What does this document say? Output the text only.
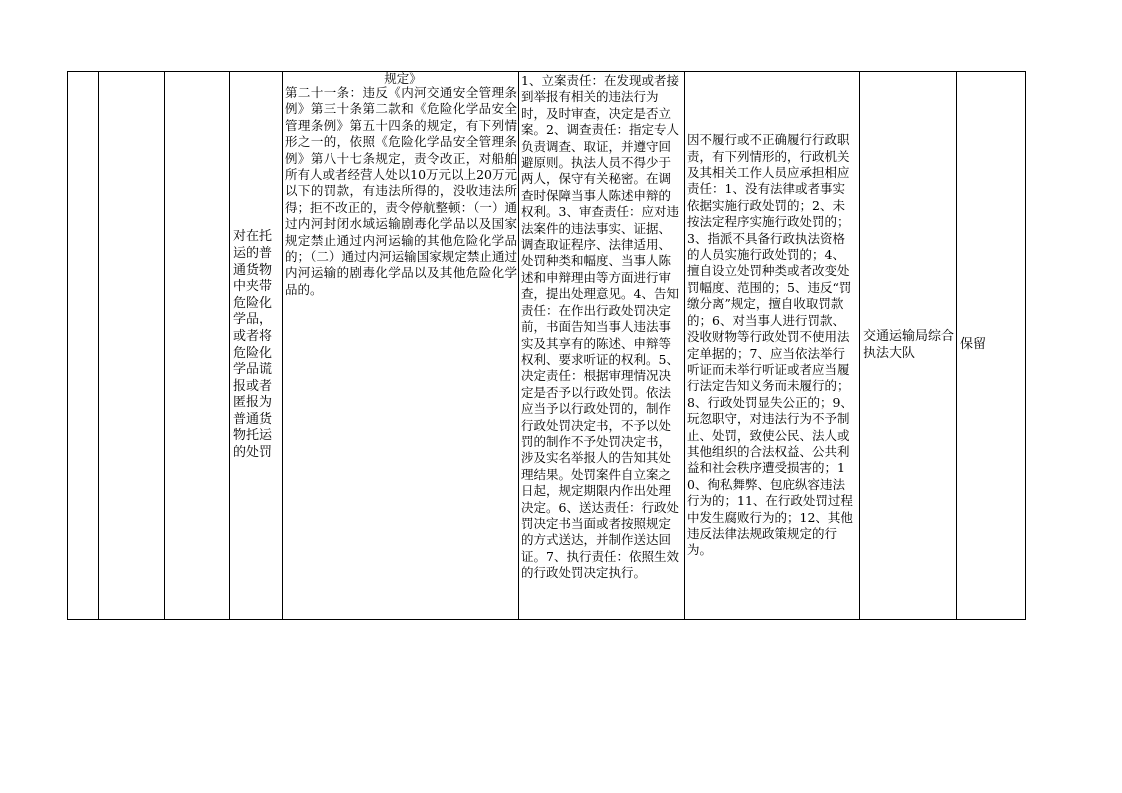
对在托运的普通货物中夹带危险化学品，或者将危险化学品谎报或者匿报为普通货物托运的处罚
规定》
第二十一条：违反《内河交通安全管理条例》第三十条第二款和《危险化学品安全管理条例》第五十四条的规定，有下列情形之一的，依照《危险化学品安全管理条例》第八十七条规定，责令改正，对船舶所有人或者经营人处以10万元以上20万元以下的罚款，有违法所得的，没收违法所得；拒不改正的，责令停航整顿：（一）通过内河封闭水域运输剧毒化学品以及国家规定禁止通过内河运输的其他危险化学品的；（二）通过内河运输国家规定禁止通过内河运输的剧毒化学品以及其他危险化学品的。
1、立案责任：在发现或者接到举报有相关的违法行为时，及时审查，决定是否立案。2、调查责任：指定专人负责调查、取证，并遵守回避原则。执法人员不得少于两人，保守有关秘密。在调查时保障当事人陈述申辩的权利。3、审查责任：应对违法案件的违法事实、证据、调查取证程序、法律适用、处罚种类和幅度、当事人陈述和申辩理由等方面进行审查，提出处理意见。4、告知责任：在作出行政处罚决定前，书面告知当事人违法事实及其享有的陈述、申辩等权利、要求听证的权利。5、决定责任：根据审理情况决定是否予以行政处罚。依法应当予以行政处罚的，制作行政处罚决定书，不予以处罚的制作不予处罚决定书，涉及实名举报人的告知其处理结果。处罚案件自立案之日起，规定期限内作出处理决定。6、送达责任：行政处罚决定书当面或者按照规定的方式送达，并制作送达回证。7、执行责任：依照生效的行政处罚决定执行。
因不履行或不正确履行行政职责，有下列情形的，行政机关及其相关工作人员应承担相应责任：1、没有法律或者事实依据实施行政处罚的；2、未按法定程序实施行政处罚的；3、指派不具备行政执法资格的人员实施行政处罚的；4、擅自设立处罚种类或者改变处罚幅度、范围的；5、违反“罚缴分离”规定，擅自收取罚款的；6、对当事人进行罚款、没收财物等行政处罚不使用法定单据的；7、应当依法举行听证而未举行听证或者应当履行法定告知义务而未履行的；8、行政处罚显失公正的；9、玩忽职守，对违法行为不予制止、处罚，致使公民、法人或其他组织的合法权益、公共利益和社会秩序遭受损害的；10、徇私舞弊、包庇纵容违法行为的；11、在行政处罚过程中发生腐败行为的；12、其他违反法律法规政策规定的行为。
交通运输局综合执法大队
保留
